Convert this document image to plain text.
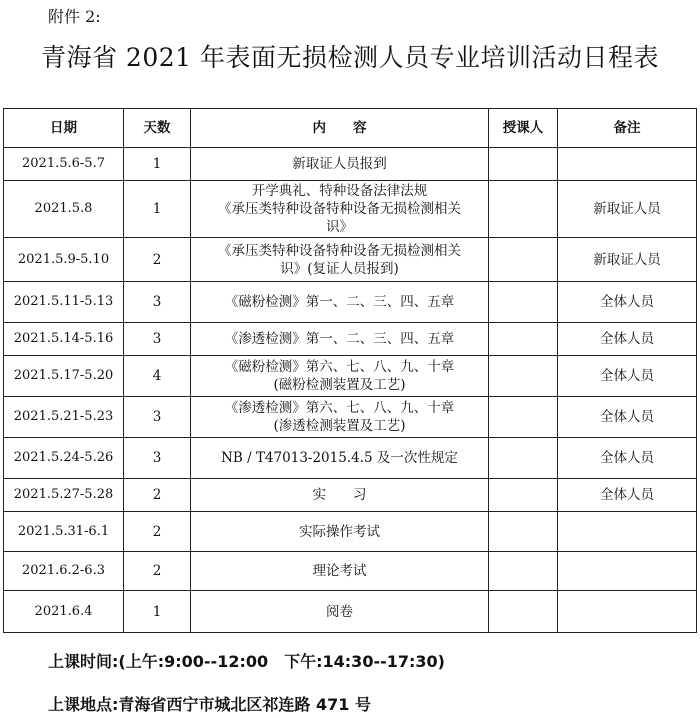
附件 2:
青海省 2021 年表面无损检测人员专业培训活动日程表
日期	天数	内　　容	授课人	备注
2021.5.6-5.7	1	新取证人员报到		

2021.5.8	1	开学典礼、特种设备法律法规
《承压类特种设备特种设备无损检测相关
识》		新取证人员
2021.5.9-5.10	2	《承压类特种设备特种设备无损检测相关
识》(复证人员报到)		新取证人员
2021.5.11-5.13	3	《磁粉检测》第一、二、三、四、五章		全体人员
2021.5.14-5.16	3	《渗透检测》第一、二、三、四、五章		全体人员
2021.5.17-5.20	4	《磁粉检测》第六、七、八、九、十章
(磁粉检测装置及工艺)		全体人员
2021.5.21-5.23	3	《渗透检测》第六、七、八、九、十章
(渗透检测装置及工艺)		全体人员
2021.5.24-5.26	3	NB / T47013-2015.4.5 及一次性规定		全体人员
2021.5.27-5.28	2	实　　习		全体人员
2021.5.31-6.1	2	实际操作考试		

2021.6.2-6.3	2	理论考试		

2021.6.4	1	阅卷		

上课时间:(上午:9:00--12:00　下午:14:30--17:30)
上课地点:青海省西宁市城北区祁连路 471 号
